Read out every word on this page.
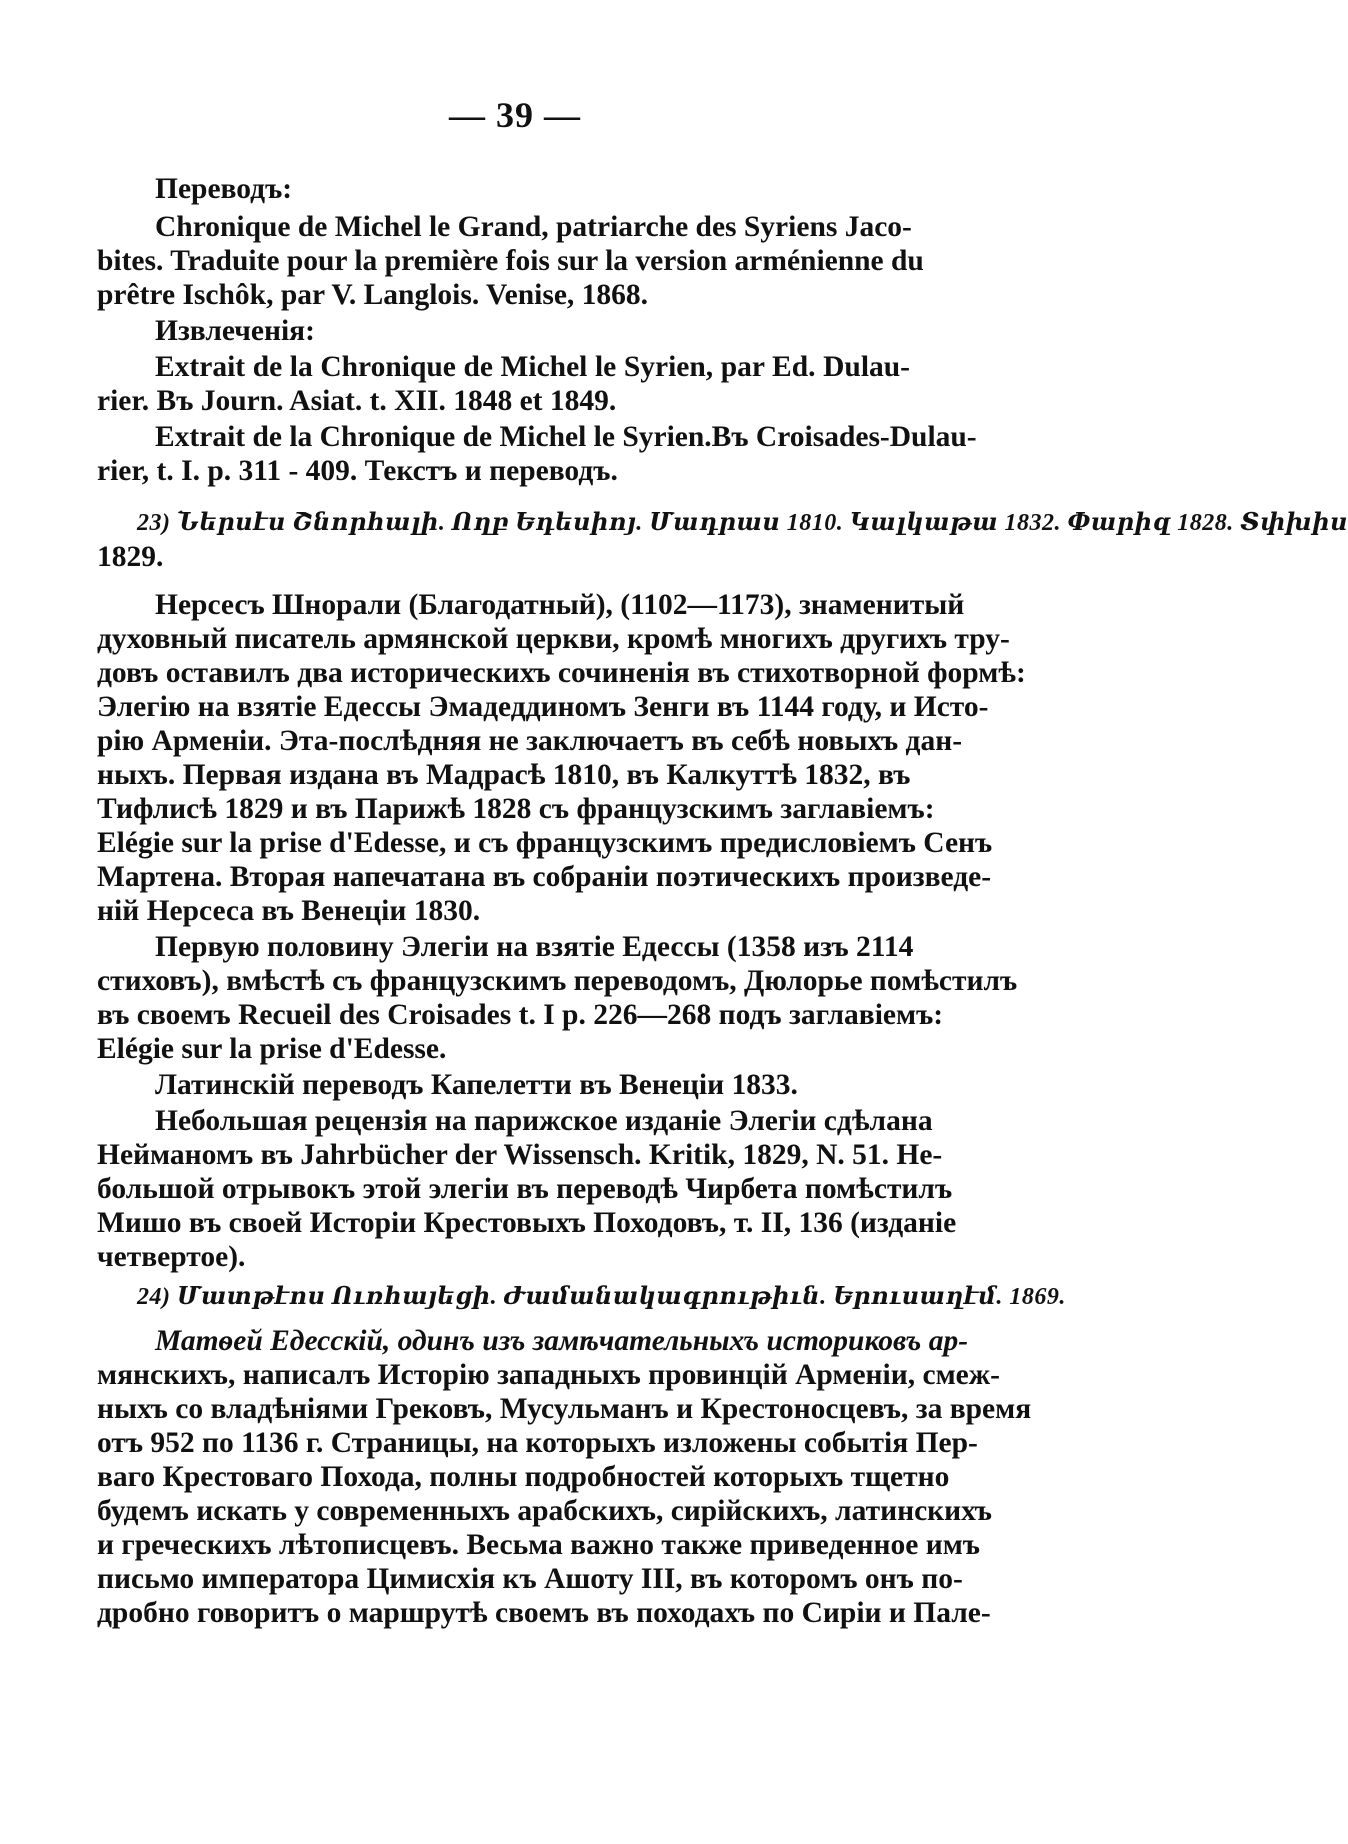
— 39 —
Переводъ:
Chronique de Michel le Grand, patriarche des Syriens Jaco-
bites. Traduite pour la première fois sur la version arménienne du
prêtre Ischôk, par V. Langlois. Venise, 1868.
Извлеченія:
Extrait de la Chronique de Michel le Syrien, par Ed. Dulau-
rier. Въ Journ. Asiat. t. XII. 1848 et 1849.
Extrait de la Chronique de Michel le Syrien.Въ Croisades-Dulau-
rier, t. I. p. 311 - 409. Текстъ и переводъ.
23) Ներսէս Շնորհալի. Ողբ Եդեսիոյ. Մադրաս 1810. Կալկաթա 1832. Փարիզ 1828. Տփխիս
1829.
Нерсесъ Шнорали (Благодатный), (1102—1173), знаменитый
духовный писатель армянской церкви, кромѣ многихъ другихъ тру-
довъ оставилъ два историческихъ сочиненія въ стихотворной формѣ:
Элегію на взятіе Едессы Эмадеддиномъ Зенги въ 1144 году, и Исто-
рію Арменіи. Эта-послѣдняя не заключаетъ въ себѣ новыхъ дан-
ныхъ. Первая издана въ Мадрасѣ 1810, въ Калкуттѣ 1832, въ
Тифлисѣ 1829 и въ Парижѣ 1828 съ французскимъ заглавіемъ:
Elégie sur la prise d'Edesse, и съ французскимъ предисловіемъ Сенъ
Мартена. Вторая напечатана въ собраніи поэтическихъ произведе-
ній Нерсеса въ Венеціи 1830.
Первую половину Элегіи на взятіе Едессы (1358 изъ 2114
стиховъ), вмѣстѣ съ французскимъ переводомъ, Дюлорье помѣстилъ
въ своемъ Recueil des Croisades t. I p. 226—268 подъ заглавіемъ:
Elégie sur la prise d'Edesse.
Латинскій переводъ Капелетти въ Венеціи 1833.
Небольшая рецензія на парижское изданіе Элегіи сдѣлана
Нейманомъ въ Jahrbücher der Wissensch. Kritik, 1829, N. 51. Не-
большой отрывокъ этой элегіи въ переводѣ Чирбета помѣстилъ
Мишо въ своей Исторіи Крестовыхъ Походовъ, т. II, 136 (изданіе
четвертое).
24) Մատթէոս Ուռհայեցի. Ժամանակագրութիւն. Երուսաղէմ. 1869.
Матѳей Едесскій, одинъ изъ замѣчательныхъ историковъ ар-
мянскихъ, написалъ Исторію западныхъ провинцій Арменіи, смеж-
ныхъ со владѣніями Грековъ, Мусульманъ и Крестоносцевъ, за время
отъ 952 по 1136 г. Страницы, на которыхъ изложены событія Пер-
ваго Крестоваго Похода, полны подробностей которыхъ тщетно
будемъ искать у современныхъ арабскихъ, сирійскихъ, латинскихъ
и греческихъ лѣтописцевъ. Весьма важно также приведенное имъ
письмо императора Цимисхія къ Ашоту III, въ которомъ онъ по-
дробно говоритъ о маршрутѣ своемъ въ походахъ по Сиріи и Пале-
